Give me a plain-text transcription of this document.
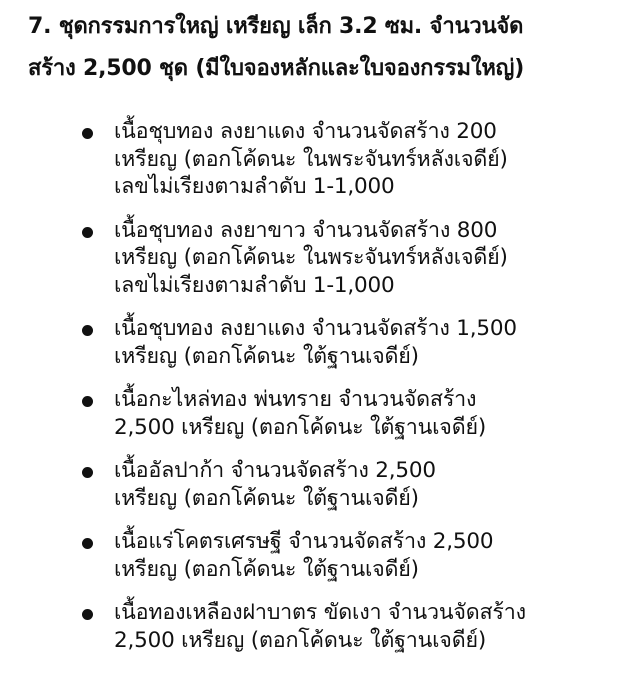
7. ชุดกรรมการใหญ่ เหรียญ เล็ก 3.2 ซม. จำนวนจัด
สร้าง 2,500 ชุด (มีใบจองหลักและใบจองกรรมใหญ่)
เนื้อชุบทอง ลงยาแดง จำนวนจัดสร้าง 200
เหรียญ (ตอกโค้ดนะ ในพระจันทร์หลังเจดีย์)
เลขไม่เรียงตามลำดับ 1-1,000
เนื้อชุบทอง ลงยาขาว จำนวนจัดสร้าง 800
เหรียญ (ตอกโค้ดนะ ในพระจันทร์หลังเจดีย์)
เลขไม่เรียงตามลำดับ 1-1,000
เนื้อชุบทอง ลงยาแดง จำนวนจัดสร้าง 1,500
เหรียญ (ตอกโค้ดนะ ใต้ฐานเจดีย์)
เนื้อกะไหล่ทอง พ่นทราย จำนวนจัดสร้าง
2,500 เหรียญ (ตอกโค้ดนะ ใต้ฐานเจดีย์)
เนื้ออัลปาก้า จำนวนจัดสร้าง 2,500
เหรียญ (ตอกโค้ดนะ ใต้ฐานเจดีย์)
เนื้อแร่โคตรเศรษฐี จำนวนจัดสร้าง 2,500
เหรียญ (ตอกโค้ดนะ ใต้ฐานเจดีย์)
เนื้อทองเหลืองฝาบาตร ขัดเงา จำนวนจัดสร้าง
2,500 เหรียญ (ตอกโค้ดนะ ใต้ฐานเจดีย์)
